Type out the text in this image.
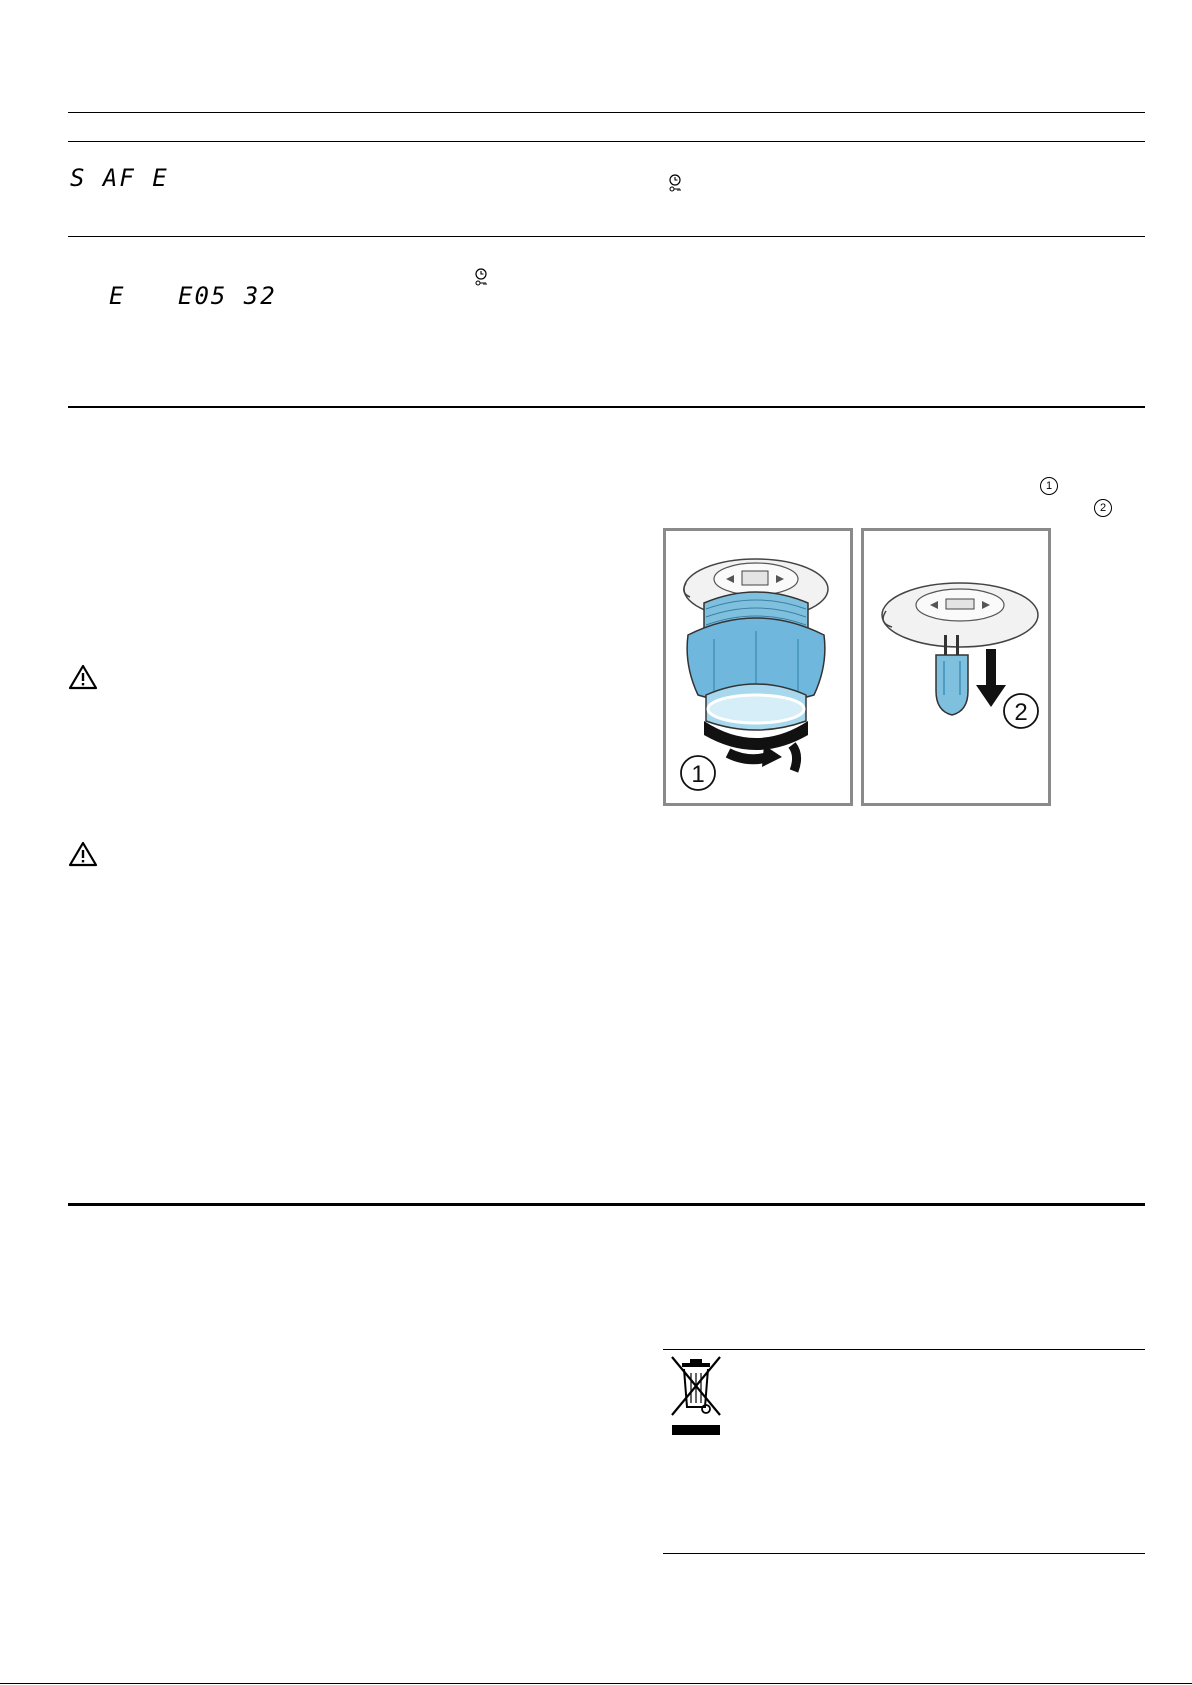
S AF E
E E05 32
1
2
1
2
